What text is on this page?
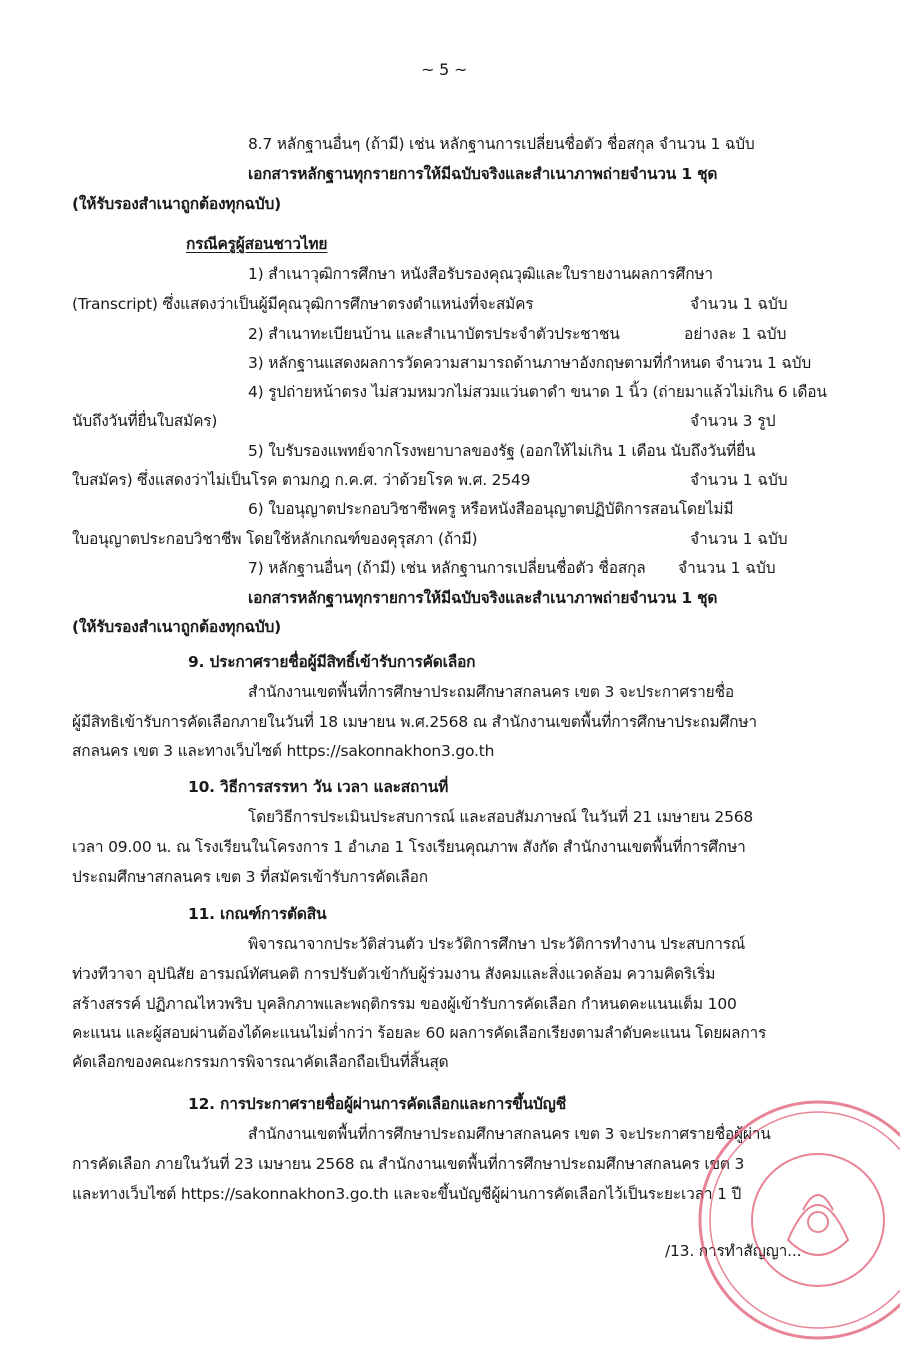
~ 5 ~
8.7 หลักฐานอื่นๆ (ถ้ามี) เช่น หลักฐานการเปลี่ยนชื่อตัว ชื่อสกุล จำนวน 1 ฉบับ
เอกสารหลักฐานทุกรายการให้มีฉบับจริงและสำเนาภาพถ่ายจำนวน 1 ชุด
(ให้รับรองสำเนาถูกต้องทุกฉบับ)
กรณีครูผู้สอนชาวไทย
1) สำเนาวุฒิการศึกษา หนังสือรับรองคุณวุฒิและใบรายงานผลการศึกษา
(Transcript) ซึ่งแสดงว่าเป็นผู้มีคุณวุฒิการศึกษาตรงตำแหน่งที่จะสมัคร	จำนวน 1 ฉบับ
2) สำเนาทะเบียนบ้าน และสำเนาบัตรประจำตัวประชาชน	อย่างละ 1 ฉบับ
3) หลักฐานแสดงผลการวัดความสามารถด้านภาษาอังกฤษตามที่กำหนด จำนวน 1 ฉบับ
4) รูปถ่ายหน้าตรง ไม่สวมหมวกไม่สวมแว่นตาดำ ขนาด 1 นิ้ว (ถ่ายมาแล้วไม่เกิน 6 เดือน
นับถึงวันที่ยื่นใบสมัคร)	จำนวน 3 รูป
5) ใบรับรองแพทย์จากโรงพยาบาลของรัฐ (ออกให้ไม่เกิน 1 เดือน นับถึงวันที่ยื่น
ใบสมัคร) ซึ่งแสดงว่าไม่เป็นโรค ตามกฎ ก.ค.ศ. ว่าด้วยโรค พ.ศ. 2549	จำนวน 1 ฉบับ
6) ใบอนุญาตประกอบวิชาชีพครู หรือหนังสืออนุญาตปฏิบัติการสอนโดยไม่มี
ใบอนุญาตประกอบวิชาชีพ โดยใช้หลักเกณฑ์ของคุรุสภา (ถ้ามี)	จำนวน 1 ฉบับ
7) หลักฐานอื่นๆ (ถ้ามี) เช่น หลักฐานการเปลี่ยนชื่อตัว ชื่อสกุล จำนวน 1 ฉบับ
เอกสารหลักฐานทุกรายการให้มีฉบับจริงและสำเนาภาพถ่ายจำนวน 1 ชุด
(ให้รับรองสำเนาถูกต้องทุกฉบับ)
9. ประกาศรายชื่อผู้มีสิทธิ์เข้ารับการคัดเลือก
สำนักงานเขตพื้นที่การศึกษาประถมศึกษาสกลนคร เขต 3 จะประกาศรายชื่อ
ผู้มีสิทธิเข้ารับการคัดเลือกภายในวันที่ 18 เมษายน พ.ศ.2568 ณ สำนักงานเขตพื้นที่การศึกษาประถมศึกษา
สกลนคร เขต 3 และทางเว็บไซต์ https://sakonnakhon3.go.th
10. วิธีการสรรหา วัน เวลา และสถานที่
โดยวิธีการประเมินประสบการณ์ และสอบสัมภาษณ์ ในวันที่ 21 เมษายน 2568
เวลา 09.00 น. ณ โรงเรียนในโครงการ 1 อำเภอ 1 โรงเรียนคุณภาพ สังกัด สำนักงานเขตพื้นที่การศึกษา
ประถมศึกษาสกลนคร เขต 3 ที่สมัครเข้ารับการคัดเลือก
11. เกณฑ์การตัดสิน
พิจารณาจากประวัติส่วนตัว ประวัติการศึกษา ประวัติการทำงาน ประสบการณ์
ท่วงทีวาจา อุปนิสัย อารมณ์ทัศนคติ การปรับตัวเข้ากับผู้ร่วมงาน สังคมและสิ่งแวดล้อม ความคิดริเริ่ม
สร้างสรรค์ ปฏิภาณไหวพริบ บุคลิกภาพและพฤติกรรม ของผู้เข้ารับการคัดเลือก กำหนดคะแนนเต็ม 100
คะแนน และผู้สอบผ่านต้องได้คะแนนไม่ต่ำกว่า ร้อยละ 60 ผลการคัดเลือกเรียงตามลำดับคะแนน โดยผลการ
คัดเลือกของคณะกรรมการพิจารณาคัดเลือกถือเป็นที่สิ้นสุด
12. การประกาศรายชื่อผู้ผ่านการคัดเลือกและการขึ้นบัญชี
สำนักงานเขตพื้นที่การศึกษาประถมศึกษาสกลนคร เขต 3 จะประกาศรายชื่อผู้ผ่าน
การคัดเลือก ภายในวันที่ 23 เมษายน 2568 ณ สำนักงานเขตพื้นที่การศึกษาประถมศึกษาสกลนคร เขต 3
และทางเว็บไซต์ https://sakonnakhon3.go.th และจะขึ้นบัญชีผู้ผ่านการคัดเลือกไว้เป็นระยะเวลา 1 ปี
/13. การทำสัญญา...
